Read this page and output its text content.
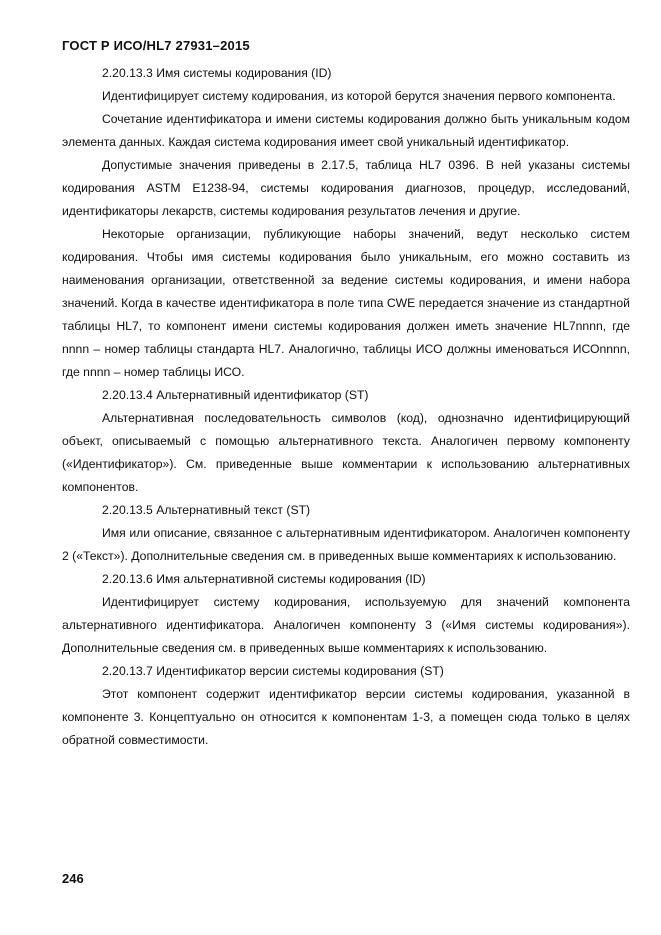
ГОСТ Р ИСО/HL7 27931–2015

2.20.13.3 Имя системы кодирования (ID)

Идентифицирует систему кодирования, из которой берутся значения первого компонента.

Сочетание идентификатора и имени системы кодирования должно быть уникальным кодом элемента данных. Каждая система кодирования имеет свой уникальный идентификатор.

Допустимые значения приведены в 2.17.5, таблица HL7 0396. В ней указаны системы кодирования ASTM E1238-94, системы кодирования диагнозов, процедур, исследований, идентификаторы лекарств, системы кодирования результатов лечения и другие.

Некоторые организации, публикующие наборы значений, ведут несколько систем кодирования. Чтобы имя системы кодирования было уникальным, его можно составить из наименования организации, ответственной за ведение системы кодирования, и имени набора значений. Когда в качестве идентификатора в поле типа CWE передается значение из стандартной таблицы HL7, то компонент имени системы кодирования должен иметь значение HL7nnnn, где nnnn – номер таблицы стандарта HL7. Аналогично, таблицы ИСО должны именоваться ИСОnnnn, где nnnn – номер таблицы ИСО.

2.20.13.4 Альтернативный идентификатор (ST)

Альтернативная последовательность символов (код), однозначно идентифицирующий объект, описываемый с помощью альтернативного текста. Аналогичен первому компоненту («Идентификатор»). См. приведенные выше комментарии к использованию альтернативных компонентов.

2.20.13.5 Альтернативный текст (ST)

Имя или описание, связанное с альтернативным идентификатором. Аналогичен компоненту 2 («Текст»). Дополнительные сведения см. в приведенных выше комментариях к использованию.

2.20.13.6 Имя альтернативной системы кодирования (ID)

Идентифицирует систему кодирования, используемую для значений компонента альтернативного идентификатора. Аналогичен компоненту 3 («Имя системы кодирования»). Дополнительные сведения см. в приведенных выше комментариях к использованию.

2.20.13.7 Идентификатор версии системы кодирования (ST)

Этот компонент содержит идентификатор версии системы кодирования, указанной в компоненте 3. Концептуально он относится к компонентам 1-3, а помещен сюда только в целях обратной совместимости.

246
